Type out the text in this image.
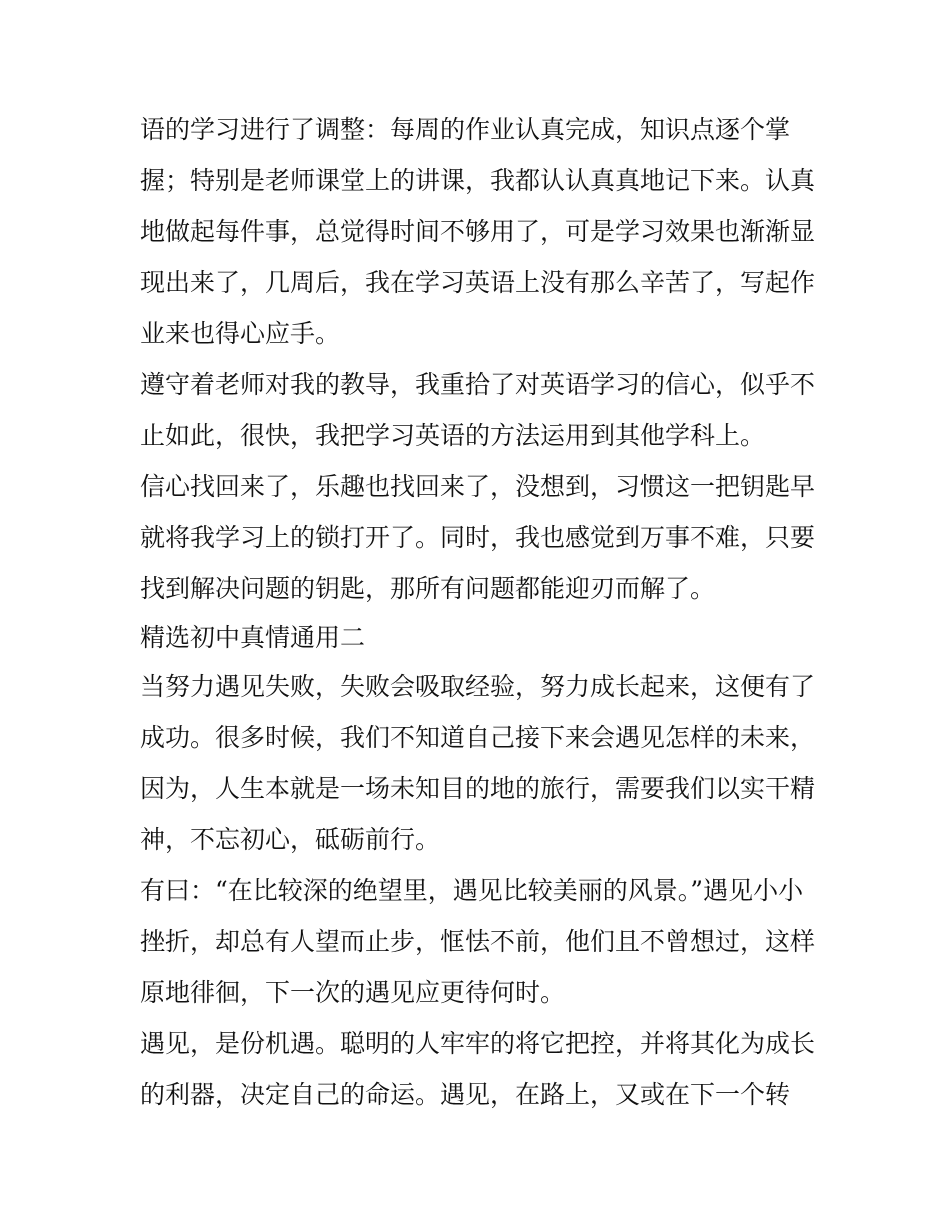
语的学习进行了调整：每周的作业认真完成，知识点逐个掌
握；特别是老师课堂上的讲课，我都认认真真地记下来。认真
地做起每件事，总觉得时间不够用了，可是学习效果也渐渐显
现出来了，几周后，我在学习英语上没有那么辛苦了，写起作
业来也得心应手。
遵守着老师对我的教导，我重拾了对英语学习的信心，似乎不
止如此，很快，我把学习英语的方法运用到其他学科上。
信心找回来了，乐趣也找回来了，没想到，习惯这一把钥匙早
就将我学习上的锁打开了。同时，我也感觉到万事不难，只要
找到解决问题的钥匙，那所有问题都能迎刃而解了。
精选初中真情通用二
当努力遇见失败，失败会吸取经验，努力成长起来，这便有了
成功。很多时候，我们不知道自己接下来会遇见怎样的未来，
因为，人生本就是一场未知目的地的旅行，需要我们以实干精
神，不忘初心，砥砺前行。
有曰：“在比较深的绝望里，遇见比较美丽的风景。”遇见小小
挫折，却总有人望而止步，恇怯不前，他们且不曾想过，这样
原地徘徊，下一次的遇见应更待何时。
遇见，是份机遇。聪明的人牢牢的将它把控，并将其化为成长
的利器，决定自己的命运。遇见，在路上，又或在下一个转
